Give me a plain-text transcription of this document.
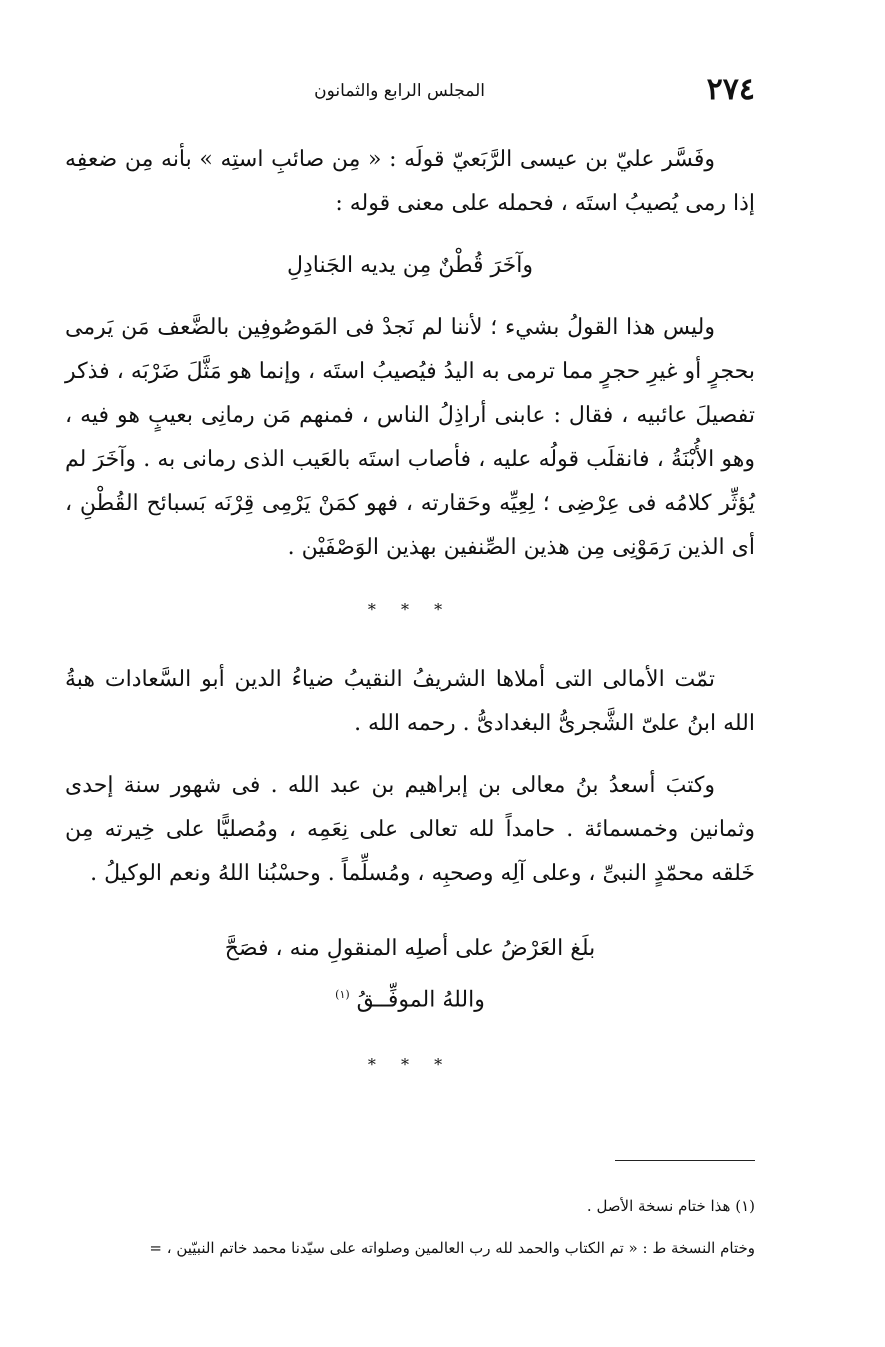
٢٧٤
المجلس الرابع والثمانون

وفَسَّر عليّ بن عيسى الرَّبَعيّ قولَه : « مِن صائبِ استِه » بأنه مِن ضعفِه إذا رمى يُصيبُ استَه ، فحمله على معنى قوله :

وآخَرَ قُطْنٌ مِن يديه الجَنادِلِ

وليس هذا القولُ بشيء ؛ لأننا لم نَجدْ فى المَوصُوفِين بالضَّعف مَن يَرمى بحجرٍ أو غيرِ حجرٍ مما ترمى به اليدُ فيُصيبُ استَه ، وإنما هو مَثَّلَ ضَرْبَه ، فذكر تفصيلَ عائبيه ، فقال : عابنى أراذِلُ الناس ، فمنهم مَن رمانِى بعيبٍ هو فيه ، وهو الأُبْنَةُ ، فانقلَب قولُه عليه ، فأصاب استَه بالعَيب الذى رمانى به . وآخَرَ لم يُؤثِّر كلامُه فى عِرْضِى ؛ لِعِيِّه وحَقارته ، فهو كمَنْ يَرْمِى قِرْنَه بَسبائح القُطْنِ ، أى الذين رَمَوْنِى مِن هذين الصِّنفين بهذين الوَصْفَيْن .

* * *

تمّت الأمالى التى أملاها الشريفُ النقيبُ ضياءُ الدين أبو السَّعادات هبةُ الله ابنُ علىّ الشَّجرىُّ البغدادىُّ . رحمه الله .

وكتبَ أسعدُ بنُ معالى بن إبراهيم بن عبد الله . فى شهور سنة إحدى وثمانين وخمسمائة . حامداً لله تعالى على نِعَمِه ، ومُصليًّا على خِيرته مِن خَلقه محمّدٍ النبىِّ ، وعلى آلِه وصحبِه ، ومُسلِّماً . وحسْبُنا اللهُ ونعم الوكيلُ .

بلَغ العَرْضُ على أصلِه المنقولِ منه ، فصَحَّ
واللهُ الموفِّــقُ $^{(١)}$
* * *

(١) هذا ختام نسخة الأصل .

وختام النسخة ط : « تم الكتاب والحمد لله رب العالمين وصلواته على سيّدنا محمد خاتم النبيّين ، =
